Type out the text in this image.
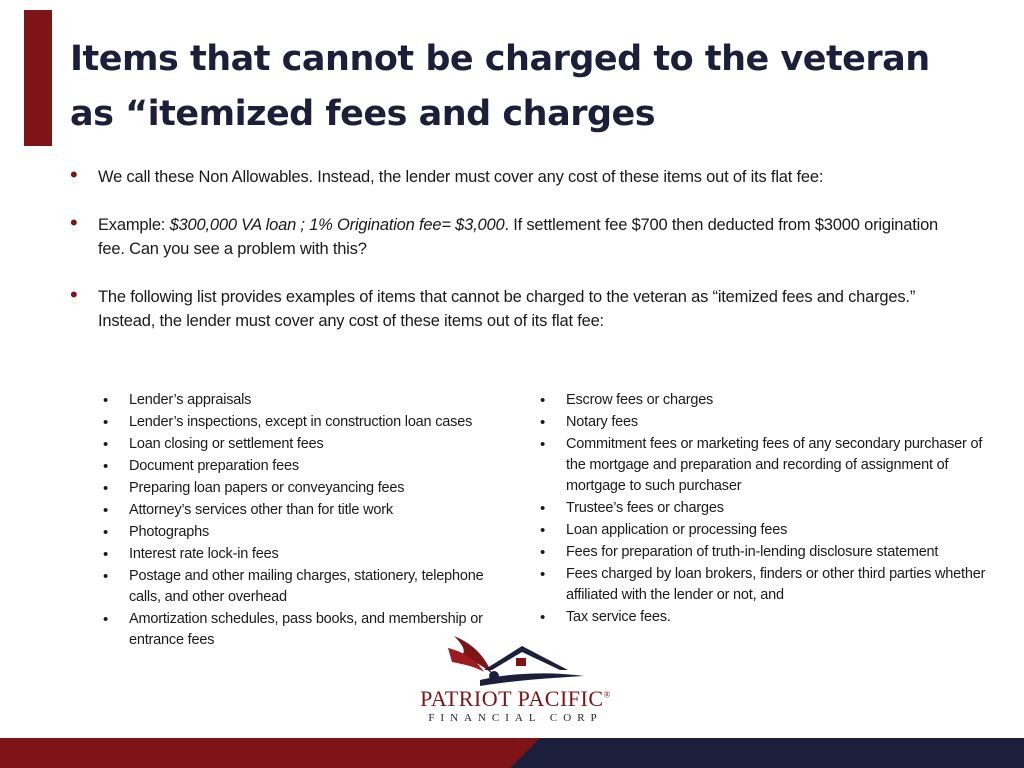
Items that cannot be charged to the veteran
as “itemized fees and charges
• We call these Non Allowables. Instead, the lender must cover any cost of these items out of its flat fee:
• Example: $300,000 VA loan ; 1% Origination fee= $3,000. If settlement fee $700 then deducted from $3000 origination fee. Can you see a problem with this?
• The following list provides examples of items that cannot be charged to the veteran as “itemized fees and charges.” Instead, the lender must cover any cost of these items out of its flat fee:
• Lender’s appraisals
• Lender’s inspections, except in construction loan cases
• Loan closing or settlement fees
• Document preparation fees
• Preparing loan papers or conveyancing fees
• Attorney’s services other than for title work
• Photographs
• Interest rate lock-in fees
• Postage and other mailing charges, stationery, telephone calls, and other overhead
• Amortization schedules, pass books, and membership or entrance fees
• Escrow fees or charges
• Notary fees
• Commitment fees or marketing fees of any secondary purchaser of the mortgage and preparation and recording of assignment of mortgage to such purchaser
• Trustee’s fees or charges
• Loan application or processing fees
• Fees for preparation of truth-in-lending disclosure statement
• Fees charged by loan brokers, finders or other third parties whether affiliated with the lender or not, and
• Tax service fees.
PATRIOT PACIFIC®
FINANCIAL CORP
